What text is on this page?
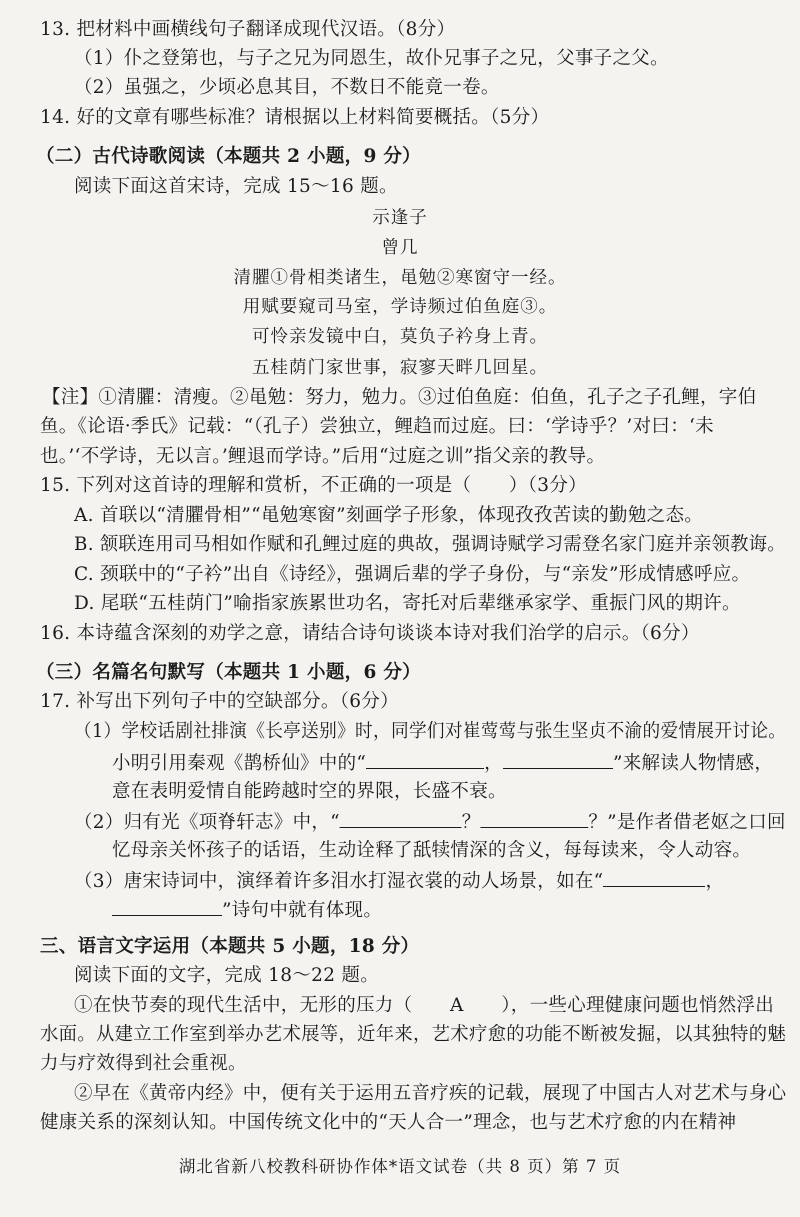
13. 把材料中画横线句子翻译成现代汉语。（8分）
（1）仆之登第也，与子之兄为同恩生，故仆兄事子之兄，父事子之父。
（2）虽强之，少顷必息其目，不数日不能竟一卷。
14. 好的文章有哪些标准？请根据以上材料简要概括。（5分）
（二）古代诗歌阅读（本题共 2 小题，9 分）
阅读下面这首宋诗，完成 15～16 题。
示逢子
曾几
清臞①骨相类诸生，黾勉②寒窗守一经。
用赋要窥司马室，学诗频过伯鱼庭③。
可怜亲发镜中白，莫负子衿身上青。
五桂荫门家世事，寂寥天畔几回星。
【注】①清臞：清瘦。②黾勉：努力，勉力。③过伯鱼庭：伯鱼，孔子之子孔鲤，字伯
鱼。《论语·季氏》记载：“（孔子）尝独立，鲤趋而过庭。曰：‘学诗乎？’对曰：‘未
也。’‘不学诗，无以言。’鲤退而学诗。”后用“过庭之训”指父亲的教导。
15. 下列对这首诗的理解和赏析，不正确的一项是（　　）（3分）
A. 首联以“清臞骨相”“黾勉寒窗”刻画学子形象，体现孜孜苦读的勤勉之态。
B. 颔联连用司马相如作赋和孔鲤过庭的典故，强调诗赋学习需登名家门庭并亲领教诲。
C. 颈联中的“子衿”出自《诗经》，强调后辈的学子身份，与“亲发”形成情感呼应。
D. 尾联“五桂荫门”喻指家族累世功名，寄托对后辈继承家学、重振门风的期许。
16. 本诗蕴含深刻的劝学之意，请结合诗句谈谈本诗对我们治学的启示。（6分）
（三）名篇名句默写（本题共 1 小题，6 分）
17. 补写出下列句子中的空缺部分。（6分）
（1）学校话剧社排演《长亭送别》时，同学们对崔莺莺与张生坚贞不渝的爱情展开讨论。
小明引用秦观《鹊桥仙》中的“	，	”来解读人物情感，
意在表明爱情自能跨越时空的界限，长盛不衰。
（2）归有光《项脊轩志》中，“	？	？”是作者借老妪之口回
忆母亲关怀孩子的话语，生动诠释了舐犊情深的含义，每每读来，令人动容。
（3）唐宋诗词中，演绎着许多泪水打湿衣裳的动人场景，如在“	，
”诗句中就有体现。
三、语言文字运用（本题共 5 小题，18 分）
阅读下面的文字，完成 18～22 题。
①在快节奏的现代生活中，无形的压力（　　A　　），一些心理健康问题也悄然浮出
水面。从建立工作室到举办艺术展等，近年来，艺术疗愈的功能不断被发掘，以其独特的魅
力与疗效得到社会重视。
②早在《黄帝内经》中，便有关于运用五音疗疾的记载，展现了中国古人对艺术与身心
健康关系的深刻认知。中国传统文化中的“天人合一”理念，也与艺术疗愈的内在精神
湖北省新八校教科研协作体*语文试卷（共 8 页）第 7 页
